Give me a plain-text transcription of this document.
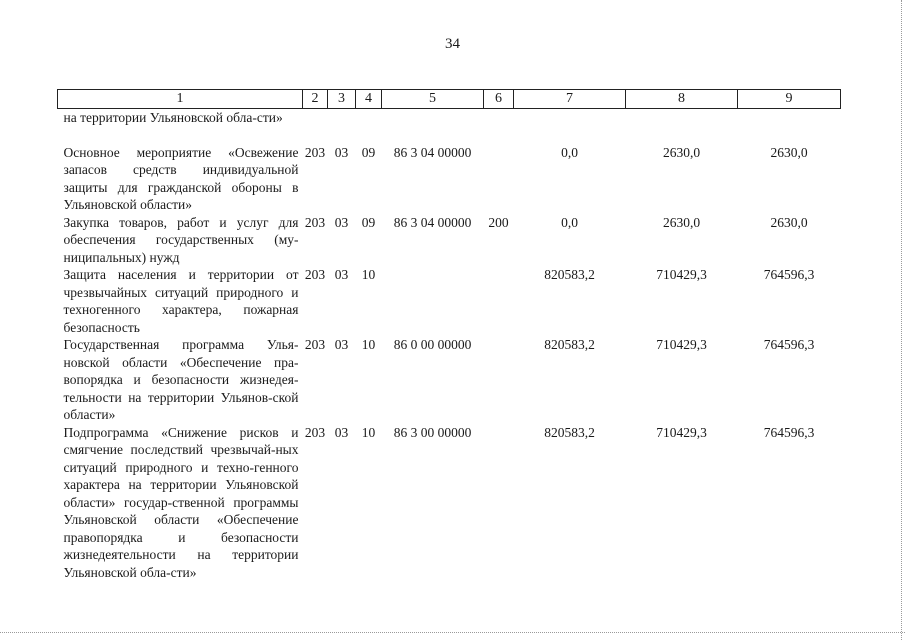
34
1	2	3	4	5	6	7	8	9
на территории Ульяновской обла-сти»								
Основное мероприятие «Освежение запасов средств индивидуальной защиты для гражданской обороны в Ульяновской области»	203	03	09	86 3 04 00000		0,0	2630,0	2630,0
Закупка товаров, работ и услуг для обеспечения государственных (му-ниципальных) нужд	203	03	09	86 3 04 00000	200	0,0	2630,0	2630,0
Защита населения и территории от чрезвычайных ситуаций природного и техногенного характера, пожарная безопасность	203	03	10			820583,2	710429,3	764596,3
Государственная программа Улья-новской области «Обеспечение пра-вопорядка и безопасности жизнедея-тельности на территории Ульянов-ской области»	203	03	10	86 0 00 00000		820583,2	710429,3	764596,3
Подпрограмма «Снижение рисков и смягчение последствий чрезвычай-ных ситуаций природного и техно-генного характера на территории Ульяновской области» государ-ственной программы Ульяновской области «Обеспечение правопорядка и безопасности жизнедеятельности на территории Ульяновской обла-сти»	203	03	10	86 3 00 00000		820583,2	710429,3	764596,3
